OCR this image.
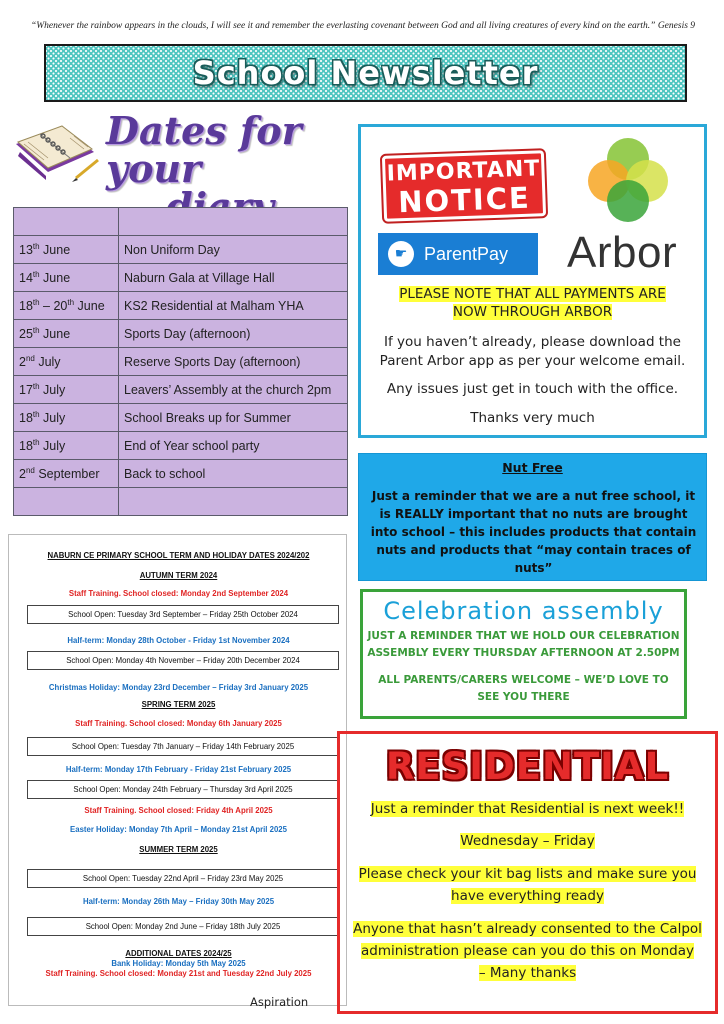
“Whenever the rainbow appears in the clouds, I will see it and remember the everlasting covenant between God and all living creatures of every kind on the earth.” Genesis 9
School Newsletter
Dates for your

13th June	Non Uniform Day
14th June	Naburn Gala at Village Hall
18th – 20th June	KS2 Residential at Malham YHA
25th June	Sports Day (afternoon)
2nd July	Reserve Sports Day (afternoon)
17th July	Leavers’ Assembly at the church 2pm
18th July	School Breaks up for Summer
18th July	End of Year school party
2nd September	Back to school

NABURN CE PRIMARY SCHOOL TERM AND HOLIDAY DATES 2024/202
AUTUMN TERM 2024
Staff Training. School closed: Monday 2nd September 2024
School Open: Tuesday 3rd September – Friday 25th October 2024
Half-term: Monday 28th October - Friday 1st November 2024
School Open: Monday 4th November – Friday 20th December 2024
Christmas Holiday: Monday 23rd December – Friday 3rd January 2025
SPRING TERM 2025
Staff Training. School closed: Monday 6th January 2025
School Open: Tuesday 7th January – Friday 14th February 2025
Half-term: Monday 17th February - Friday 21st February 2025
School Open: Monday 24th February – Thursday 3rd April 2025
Staff Training. School closed: Friday 4th April 2025
Easter Holiday: Monday 7th April – Monday 21st April 2025
SUMMER TERM 2025
School Open: Tuesday 22nd April – Friday 23rd May 2025
Half-term: Monday 26th May – Friday 30th May 2025
School Open: Monday 2nd June – Friday 18th July 2025
ADDITIONAL DATES 2024/25
Bank Holiday: Monday 5th May 2025
Staff Training. School closed: Monday 21st and Tuesday 22nd July 2025
Aspiration
IMPORTANT
NOTICE
Arbor
☛ ParentPay
PLEASE NOTE THAT ALL PAYMENTS ARE
NOW THROUGH ARBOR
If you haven’t already, please download the
Parent Arbor app as per your welcome email.
Any issues just get in touch with the office.
Thanks very much
Nut Free
Just a reminder that we are a nut free school, it is REALLY important that no nuts are brought into school – this includes products that contain nuts and products that “may contain traces of nuts”
Celebration assembly
JUST A REMINDER THAT WE HOLD OUR CELEBRATION
ASSEMBLY EVERY THURSDAY AFTERNOON AT 2.50PM
ALL PARENTS/CARERS WELCOME – WE’D LOVE TO
SEE YOU THERE
RESIDENTIAL
Just a reminder that Residential is next week!!
Wednesday – Friday
Please check your kit bag lists and make sure you
have everything ready
Anyone that hasn’t already consented to the Calpol
administration please can you do this on Monday
– Many thanks
